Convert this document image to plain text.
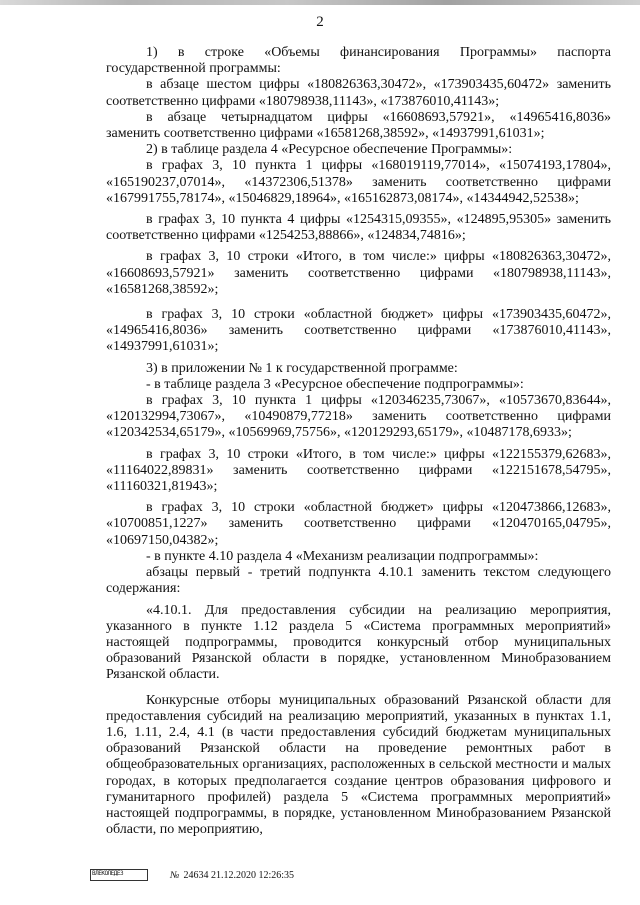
2

1) в строке «Объемы финансирования Программы» паспорта государственной программы:

в абзаце шестом цифры «180826363,30472», «173903435,60472» заменить соответственно цифрами «180798938,11143», «173876010,41143»;

в абзаце четырнадцатом цифры «16608693,57921», «14965416,8036» заменить соответственно цифрами «16581268,38592», «14937991,61031»;

2) в таблице раздела 4 «Ресурсное обеспечение Программы»:

в графах 3, 10 пункта 1 цифры «168019119,77014», «15074193,17804», «165190237,07014», «14372306,51378» заменить соответственно цифрами «167991755,78174», «15046829,18964», «165162873,08174», «14344942,52538»;

в графах 3, 10 пункта 4 цифры «1254315,09355», «124895,95305» заменить соответственно цифрами «1254253,88866», «124834,74816»;

в графах 3, 10 строки «Итого, в том числе:» цифры «180826363,30472», «16608693,57921» заменить соответственно цифрами «180798938,11143», «16581268,38592»;

в графах 3, 10 строки «областной бюджет» цифры «173903435,60472», «14965416,8036» заменить соответственно цифрами «173876010,41143», «14937991,61031»;

3) в приложении № 1 к государственной программе:

- в таблице раздела 3 «Ресурсное обеспечение подпрограммы»:

в графах 3, 10 пункта 1 цифры «120346235,73067», «10573670,83644», «120132994,73067», «10490879,77218» заменить соответственно цифрами «120342534,65179», «10569969,75756», «120129293,65179», «10487178,6933»;

в графах 3, 10 строки «Итого, в том числе:» цифры «122155379,62683», «11164022,89831» заменить соответственно цифрами «122151678,54795», «11160321,81943»;

в графах 3, 10 строки «областной бюджет» цифры «120473866,12683», «10700851,1227» заменить соответственно цифрами «120470165,04795», «10697150,04382»;

- в пункте 4.10 раздела 4 «Механизм реализации подпрограммы»:

абзацы первый - третий подпункта 4.10.1 заменить текстом следующего содержания:

«4.10.1. Для предоставления субсидии на реализацию мероприятия, указанного в пункте 1.12 раздела 5 «Система программных мероприятий» настоящей подпрограммы, проводится конкурсный отбор муниципальных образований Рязанской области в порядке, установленном Минобразованием Рязанской области.

Конкурсные отборы муниципальных образований Рязанской области для предоставления субсидий на реализацию мероприятий, указанных в пунктах 1.1, 1.6, 1.11, 2.4, 4.1 (в части предоставления субсидий бюджетам муниципальных образований Рязанской области на проведение ремонтных работ в общеобразовательных организациях, расположенных в сельской местности и малых городах, в которых предполагается создание центров образования цифрового и гуманитарного профилей) раздела 5 «Система программных мероприятий» настоящей подпрограммы, в порядке, установленном Минобразованием Рязанской области, по мероприятию,

ВЛЕКОЛЕДЕЗ	№ 24634 21.12.2020 12:26:35
